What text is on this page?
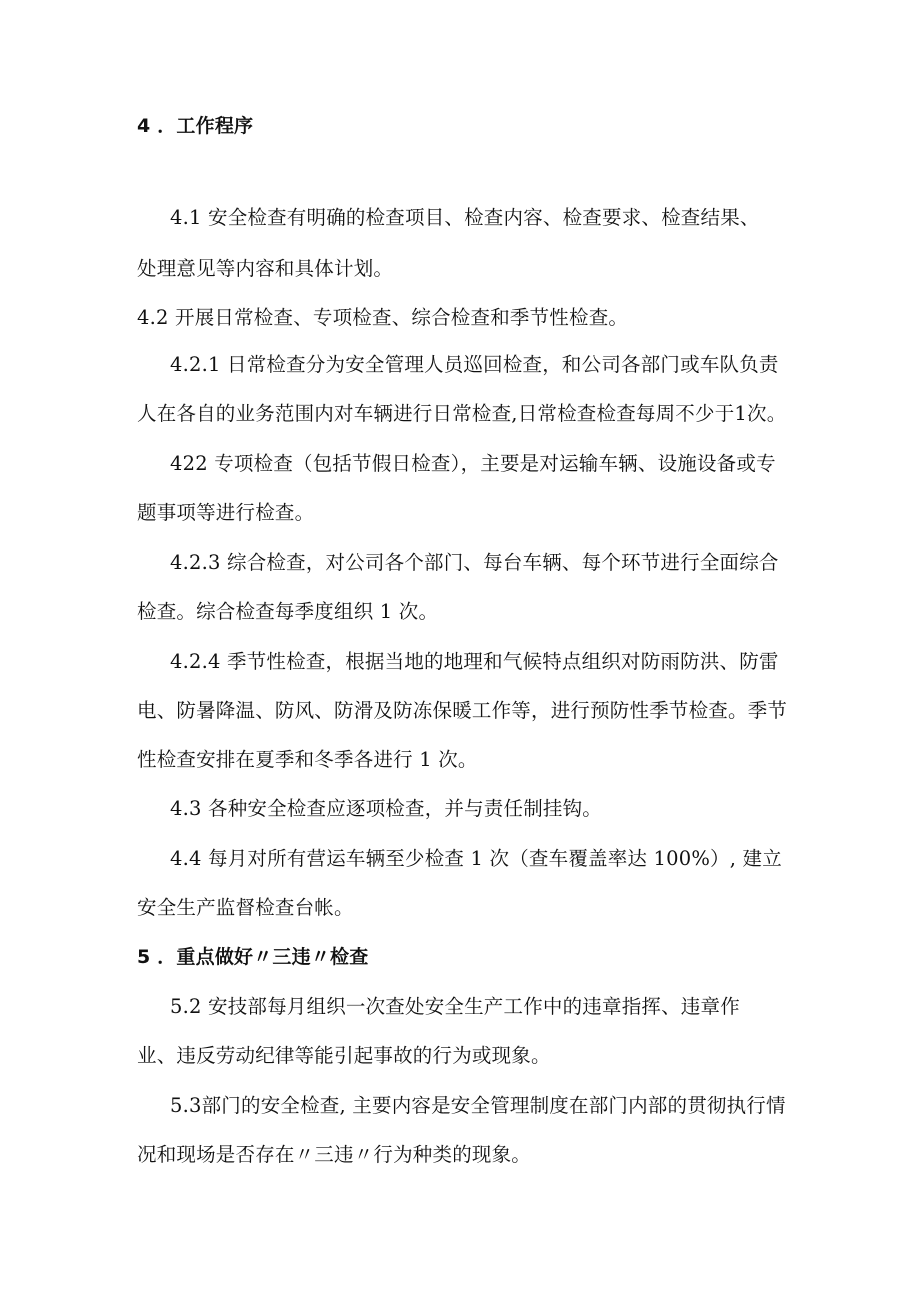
4 ．工作程序
4.1 安全检查有明确的检查项目、检查内容、检查要求、检查结果、
处理意见等内容和具体计划。
4.2 开展日常检查、专项检查、综合检查和季节性检查。
4.2.1 日常检查分为安全管理人员巡回检查，和公司各部门或车队负责
人在各自的业务范围内对车辆进行日常检查,日常检查检查每周不少于1次。
422 专项检查（包括节假日检查），主要是对运输车辆、设施设备或专
题事项等进行检查。
4.2.3 综合检查，对公司各个部门、每台车辆、每个环节进行全面综合
检查。综合检查每季度组织 1 次。
4.2.4 季节性检查，根据当地的地理和气候特点组织对防雨防洪、防雷
电、防暑降温、防风、防滑及防冻保暖工作等，进行预防性季节检查。季节
性检查安排在夏季和冬季各进行 1 次。
4.3 各种安全检查应逐项检查，并与责任制挂钩。
4.4 每月对所有营运车辆至少检查 1 次（查车覆盖率达 100%）, 建立
安全生产监督检查台帐。
5 ．重点做好〃三违〃检查
5.2 安技部每月组织一次查处安全生产工作中的违章指挥、违章作
业、违反劳动纪律等能引起事故的行为或现象。
5.3部门的安全检查, 主要内容是安全管理制度在部门内部的贯彻执行情
况和现场是否存在〃三违〃行为种类的现象。
